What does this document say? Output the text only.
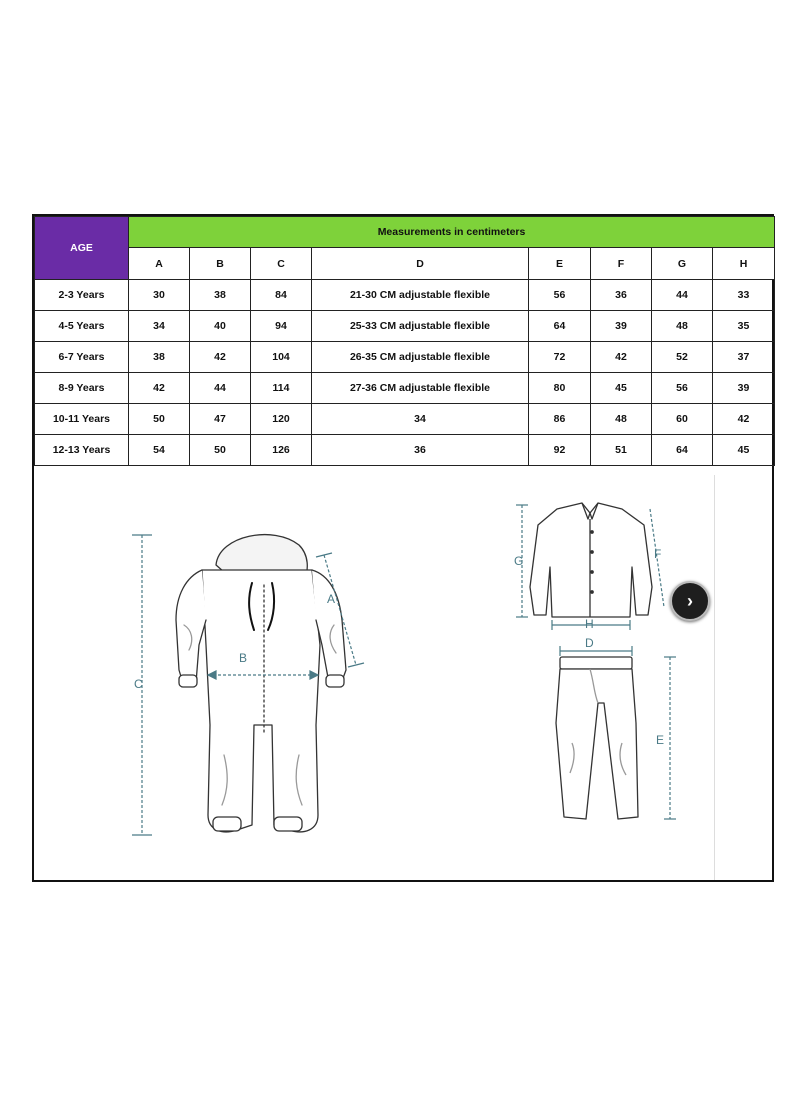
AGE	Measurements in centimeters							
	A	B	C	D	E	F	G	H
2-3 Years	30	38	84	21-30 CM adjustable flexible	56	36	44	33
4-5 Years	34	40	94	25-33 CM adjustable flexible	64	39	48	35
6-7 Years	38	42	104	26-35 CM adjustable flexible	72	42	52	37
8-9 Years	42	44	114	27-36 CM adjustable flexible	80	45	56	39
10-11 Years	50	47	120	34	86	48	60	42
12-13 Years	54	50	126	36	92	51	64	45
C
A
B
G	F
H
D
E
›
